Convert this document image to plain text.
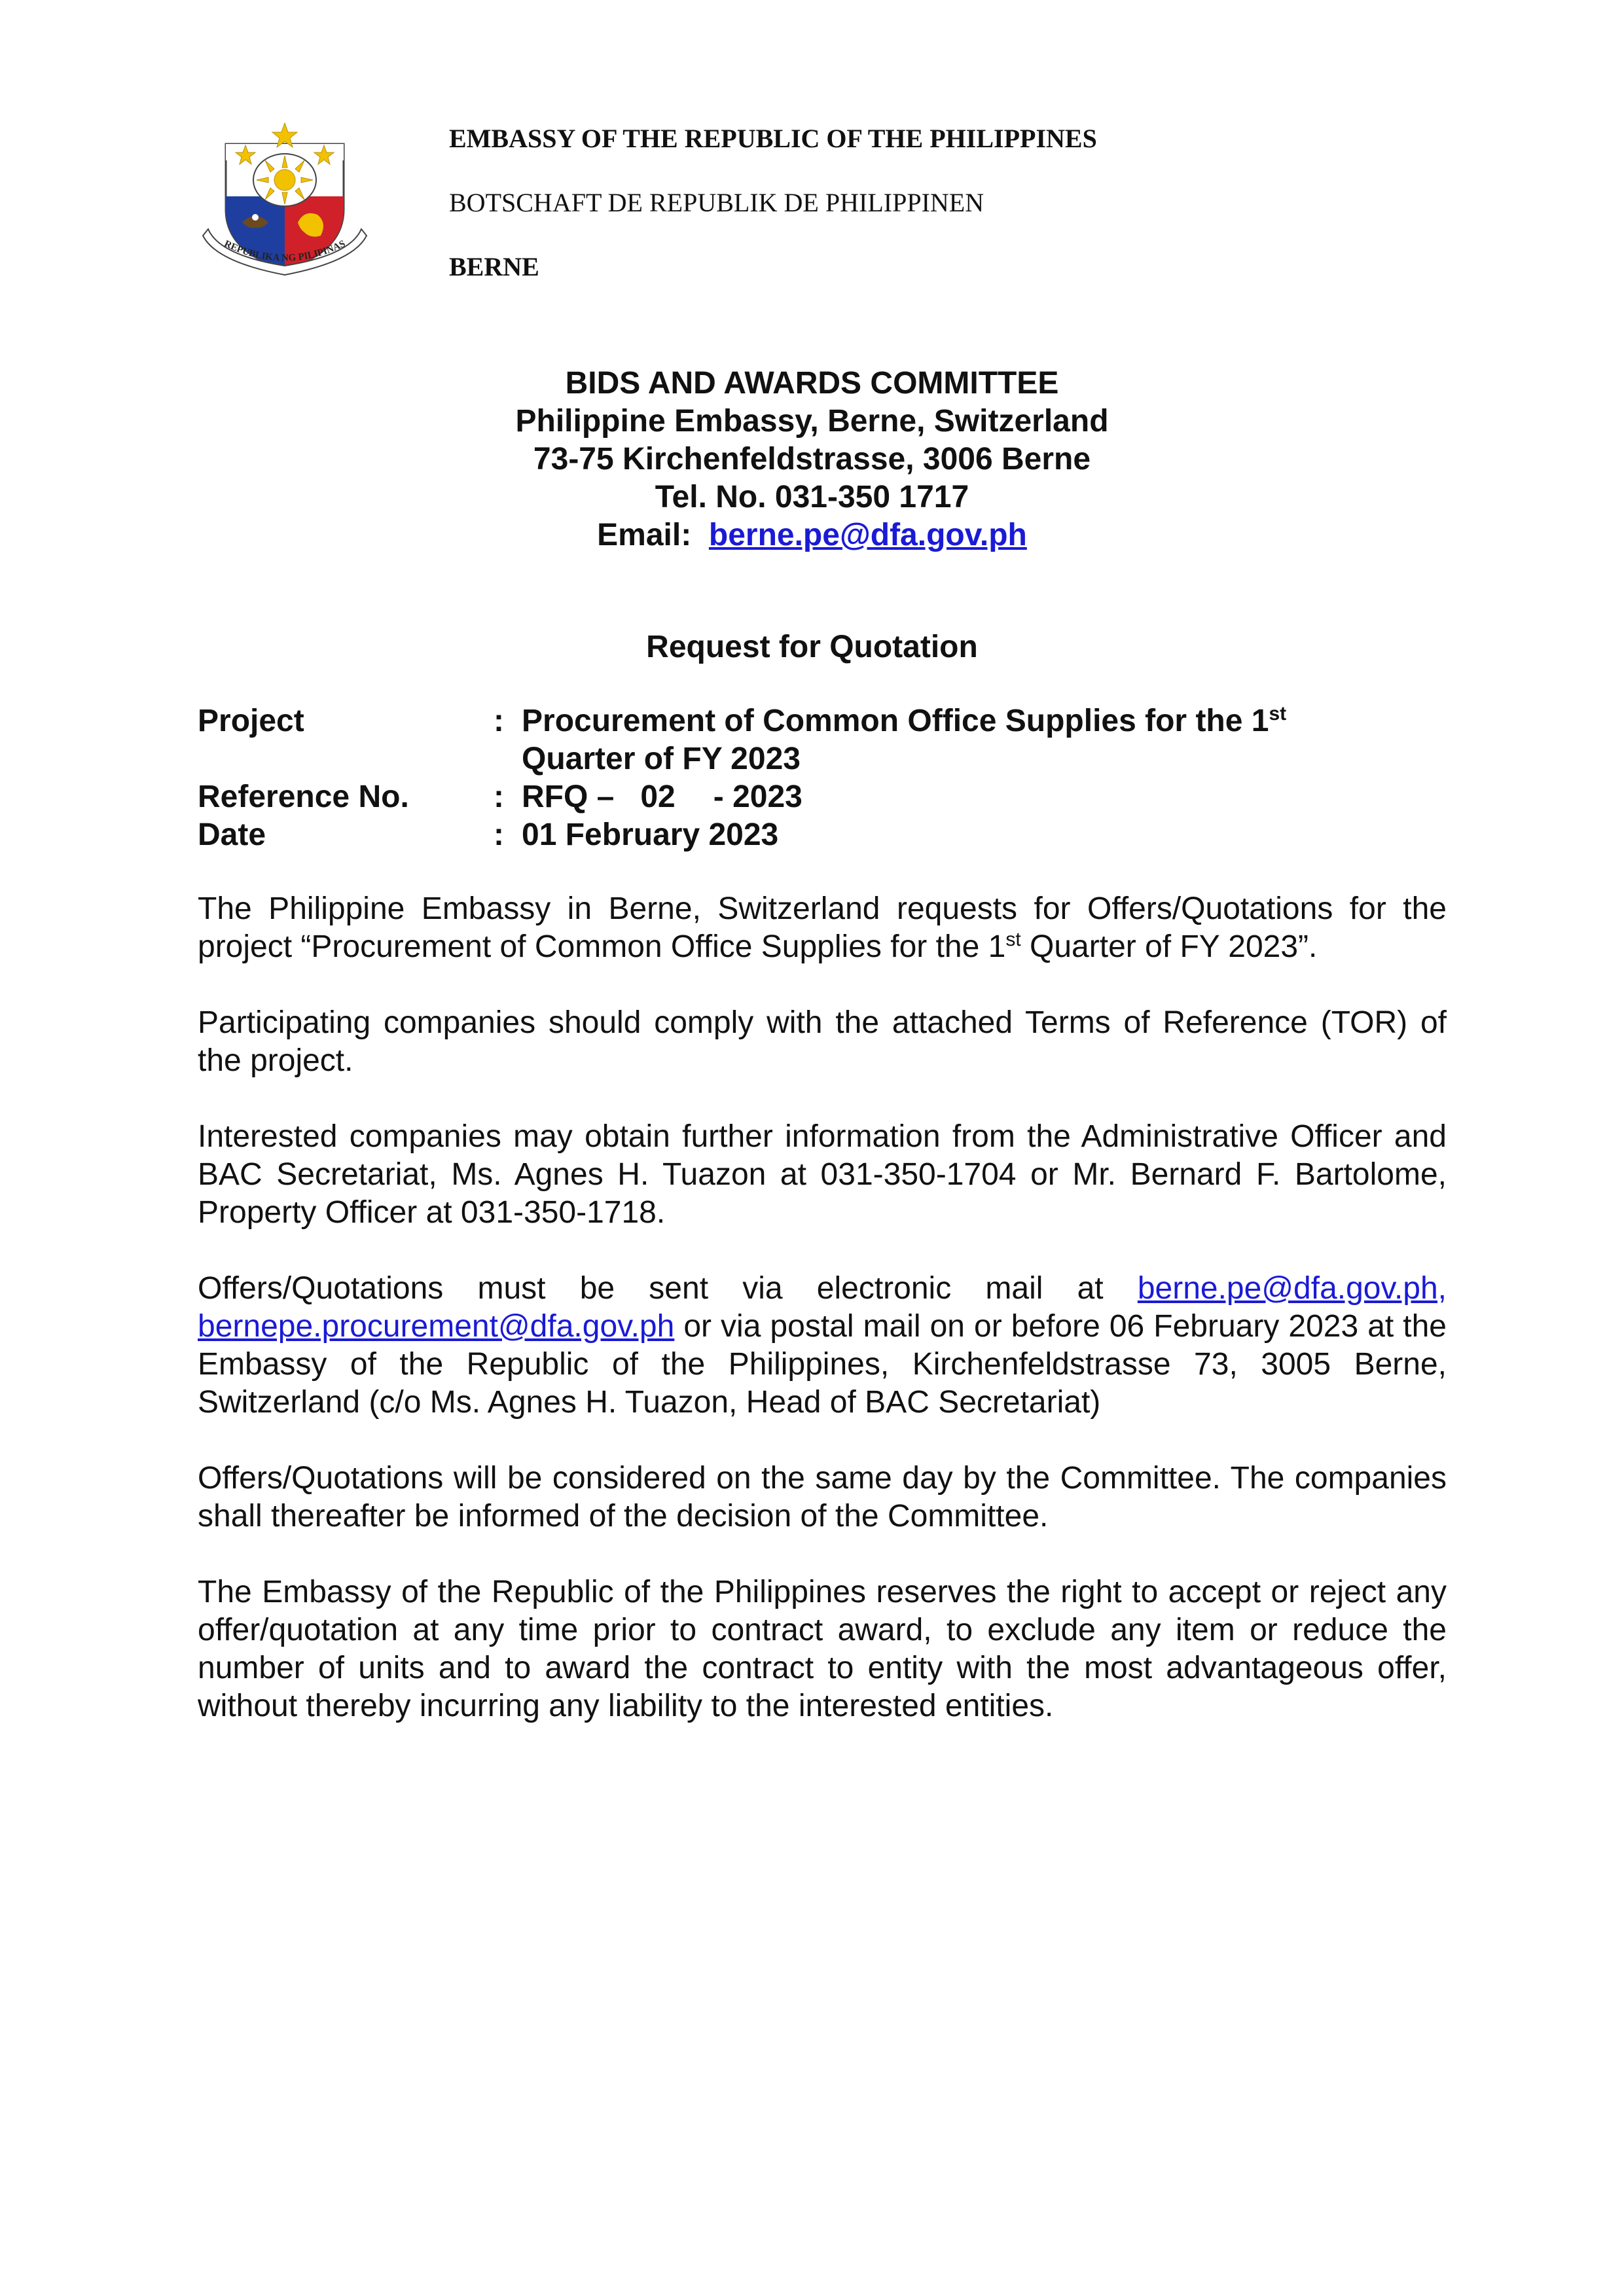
REPUBLIKA NG PILIPINAS
EMBASSY OF THE REPUBLIC OF THE PHILIPPINES
BOTSCHAFT DE REPUBLIK DE PHILIPPINEN
BERNE
BIDS AND AWARDS COMMITTEE
Philippine Embassy, Berne, Switzerland
73-75 Kirchenfeldstrasse, 3006 Berne
Tel. No. 031-350 1717
Email: berne.pe@dfa.gov.ph
Request for Quotation
Project	: Procurement of Common Office Supplies for the 1st
Quarter of FY 2023
Reference No.	: RFQ – 02 - 2023
Date	: 01 February 2023

The Philippine Embassy in Berne, Switzerland requests for Offers/Quotations for the project “Procurement of Common Office Supplies for the 1st Quarter of FY 2023”.

Participating companies should comply with the attached Terms of Reference (TOR) of the project.

Interested companies may obtain further information from the Administrative Officer and BAC Secretariat, Ms. Agnes H. Tuazon at 031-350-1704 or Mr. Bernard F. Bartolome, Property Officer at 031-350-1718.

Offers/Quotations must be sent via electronic mail at berne.pe@dfa.gov.ph, bernepe.procurement@dfa.gov.ph or via postal mail on or before 06 February 2023 at the Embassy of the Republic of the Philippines, Kirchenfeldstrasse 73, 3005 Berne, Switzerland (c/o Ms. Agnes H. Tuazon, Head of BAC Secretariat)

Offers/Quotations will be considered on the same day by the Committee. The companies shall thereafter be informed of the decision of the Committee.

The Embassy of the Republic of the Philippines reserves the right to accept or reject any offer/quotation at any time prior to contract award, to exclude any item or reduce the number of units and to award the contract to entity with the most advantageous offer, without thereby incurring any liability to the interested entities.
